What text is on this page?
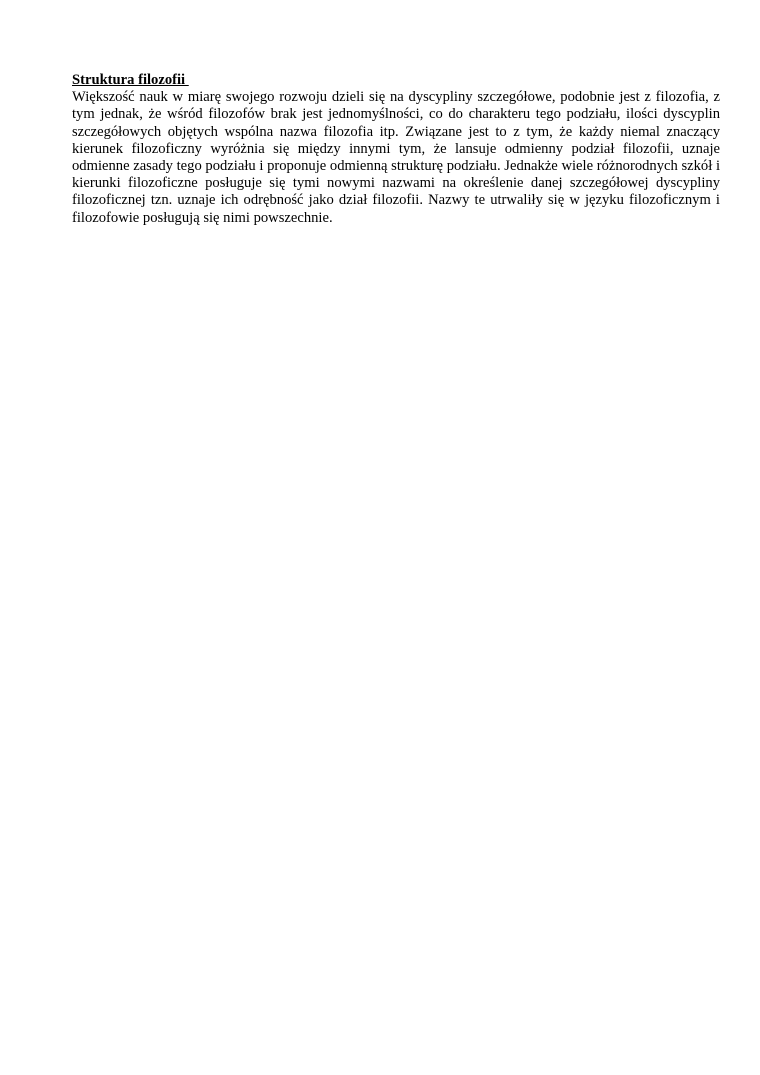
Struktura filozofii

Większość nauk w miarę swojego rozwoju dzieli się na dyscypliny szczegółowe, podobnie jest z filozofia, z tym jednak, że wśród filozofów brak jest jednomyślności, co do charakteru tego podziału, ilości dyscyplin szczegółowych objętych wspólna nazwa filozofia itp. Związane jest to z tym, że każdy niemal znaczący kierunek filozoficzny wyróżnia się między innymi tym, że lansuje odmienny podział filozofii, uznaje odmienne zasady tego podziału i proponuje odmienną strukturę podziału. Jednakże wiele różnorodnych szkół i kierunki filozoficzne posługuje się tymi nowymi nazwami na określenie danej szczegółowej dyscypliny filozoficznej tzn. uznaje ich odrębność jako dział filozofii. Nazwy te utrwaliły się w języku filozoficznym i filozofowie posługują się nimi powszechnie.
